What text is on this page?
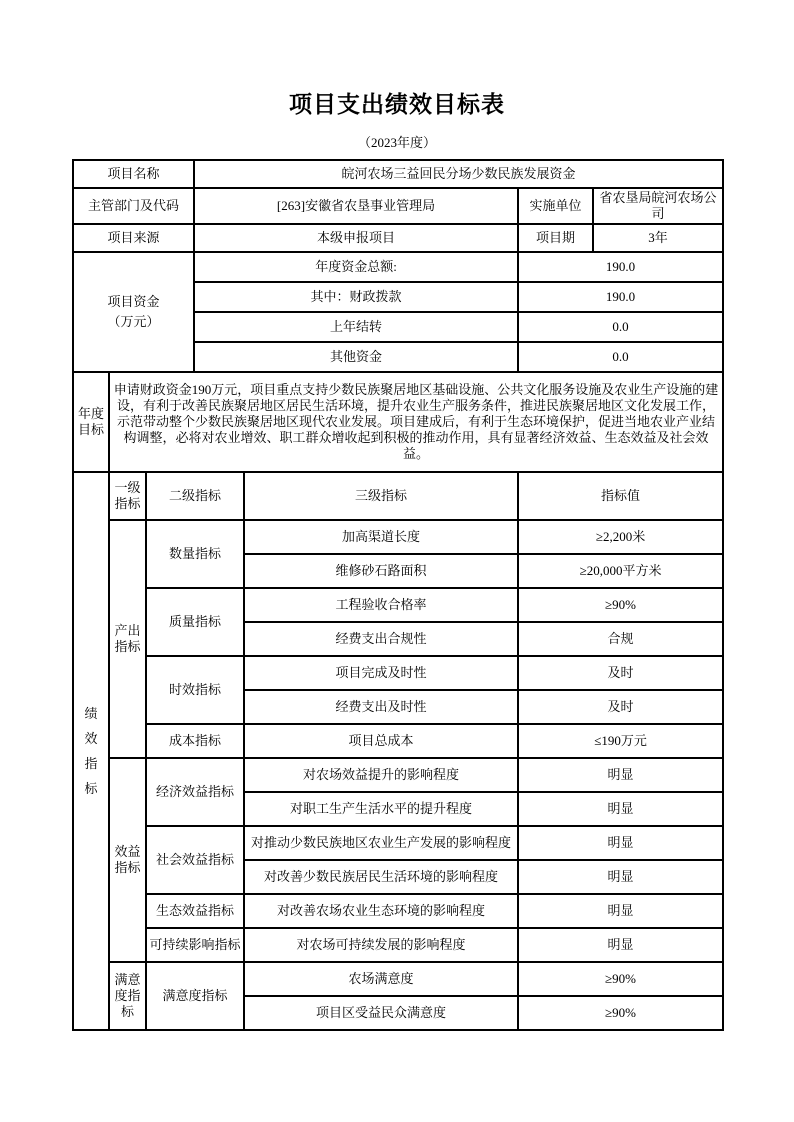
项目支出绩效目标表
（2023年度）
项目名称	皖河农场三益回民分场少数民族发展资金		
主管部门及代码	[263]安徽省农垦事业管理局	实施单位	省农垦局皖河农场公司
项目来源	本级申报项目	项目期	3年
项目资金（万元）	年度资金总额:	190.0	
	其中：财政拨款	190.0	
	上年结转	0.0	
	其他资金	0.0	
年度目标	申请财政资金190万元，项目重点支持少数民族聚居地区基础设施、公共文化服务设施及农业生产设施的建设，有利于改善民族聚居地区居民生活环境，提升农业生产服务条件，推进民族聚居地区文化发展工作，示范带动整个少数民族聚居地区现代农业发展。项目建成后，有利于生态环境保护，促进当地农业产业结构调整，必将对农业增效、职工群众增收起到积极的推动作用，具有显著经济效益、生态效益及社会效益。			

绩效指标	一级指标	二级指标	三级指标	指标值
	产出指标	数量指标	加高渠道长度	≥2,200米
			维修砂石路面积	≥20,000平方米
		质量指标	工程验收合格率	≥90%
			经费支出合规性	合规
		时效指标	项目完成及时性	及时
			经费支出及时性	及时
		成本指标	项目总成本	≤190万元
	效益指标	经济效益指标	对农场效益提升的影响程度	明显
			对职工生产生活水平的提升程度	明显
		社会效益指标	对推动少数民族地区农业生产发展的影响程度	明显
			对改善少数民族居民生活环境的影响程度	明显
		生态效益指标	对改善农场农业生态环境的影响程度	明显
		可持续影响指标	对农场可持续发展的影响程度	明显
	满意度指标	满意度指标	农场满意度	≥90%
			项目区受益民众满意度	≥90%
